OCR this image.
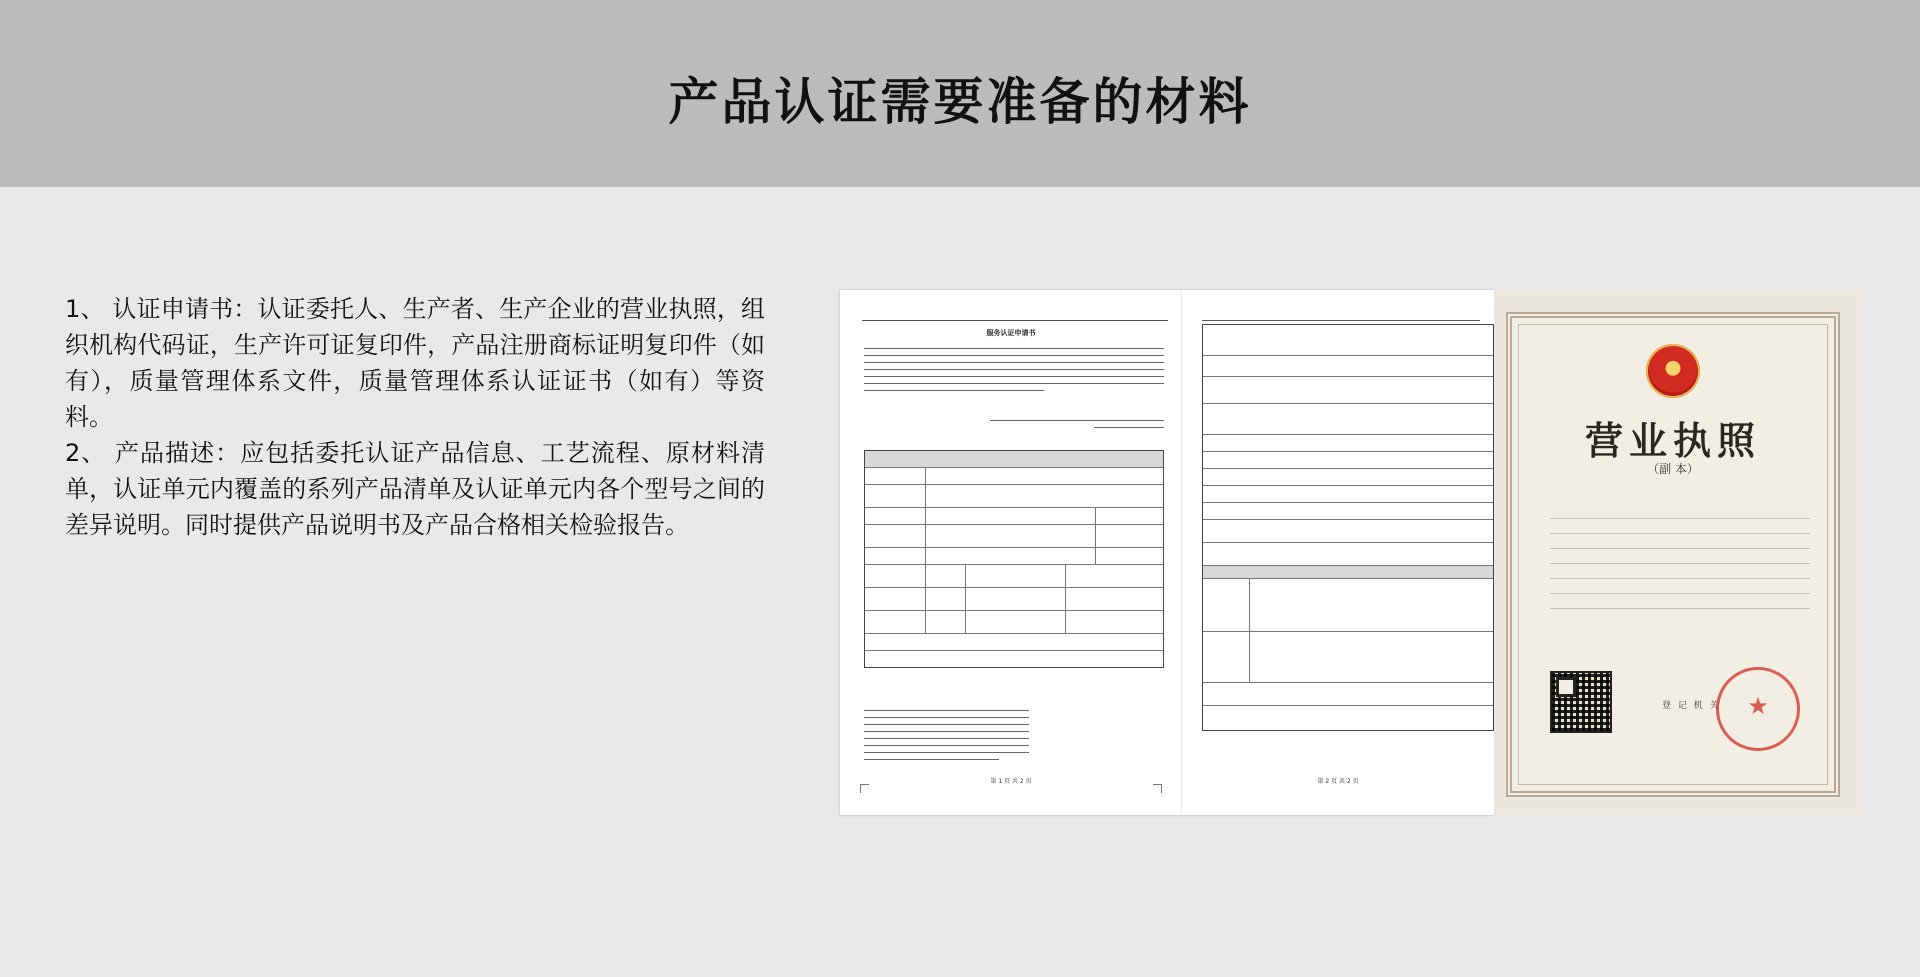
产品认证需要准备的材料

1、 认证申请书：认证委托人、生产者、生产企业的营业执照，组织机构代码证，生产许可证复印件，产品注册商标证明复印件（如有），质量管理体系文件，质量管理体系认证证书（如有）等资料。

2、 产品描述：应包括委托认证产品信息、工艺流程、原材料清单，认证单元内覆盖的系列产品清单及认证单元内各个型号之间的差异说明。同时提供产品说明书及产品合格相关检验报告。

服务认证申请书
第 1 页 共 2 页	第 2 页 共 2 页
营业执照
（副 本）
登 记 机 关
★
